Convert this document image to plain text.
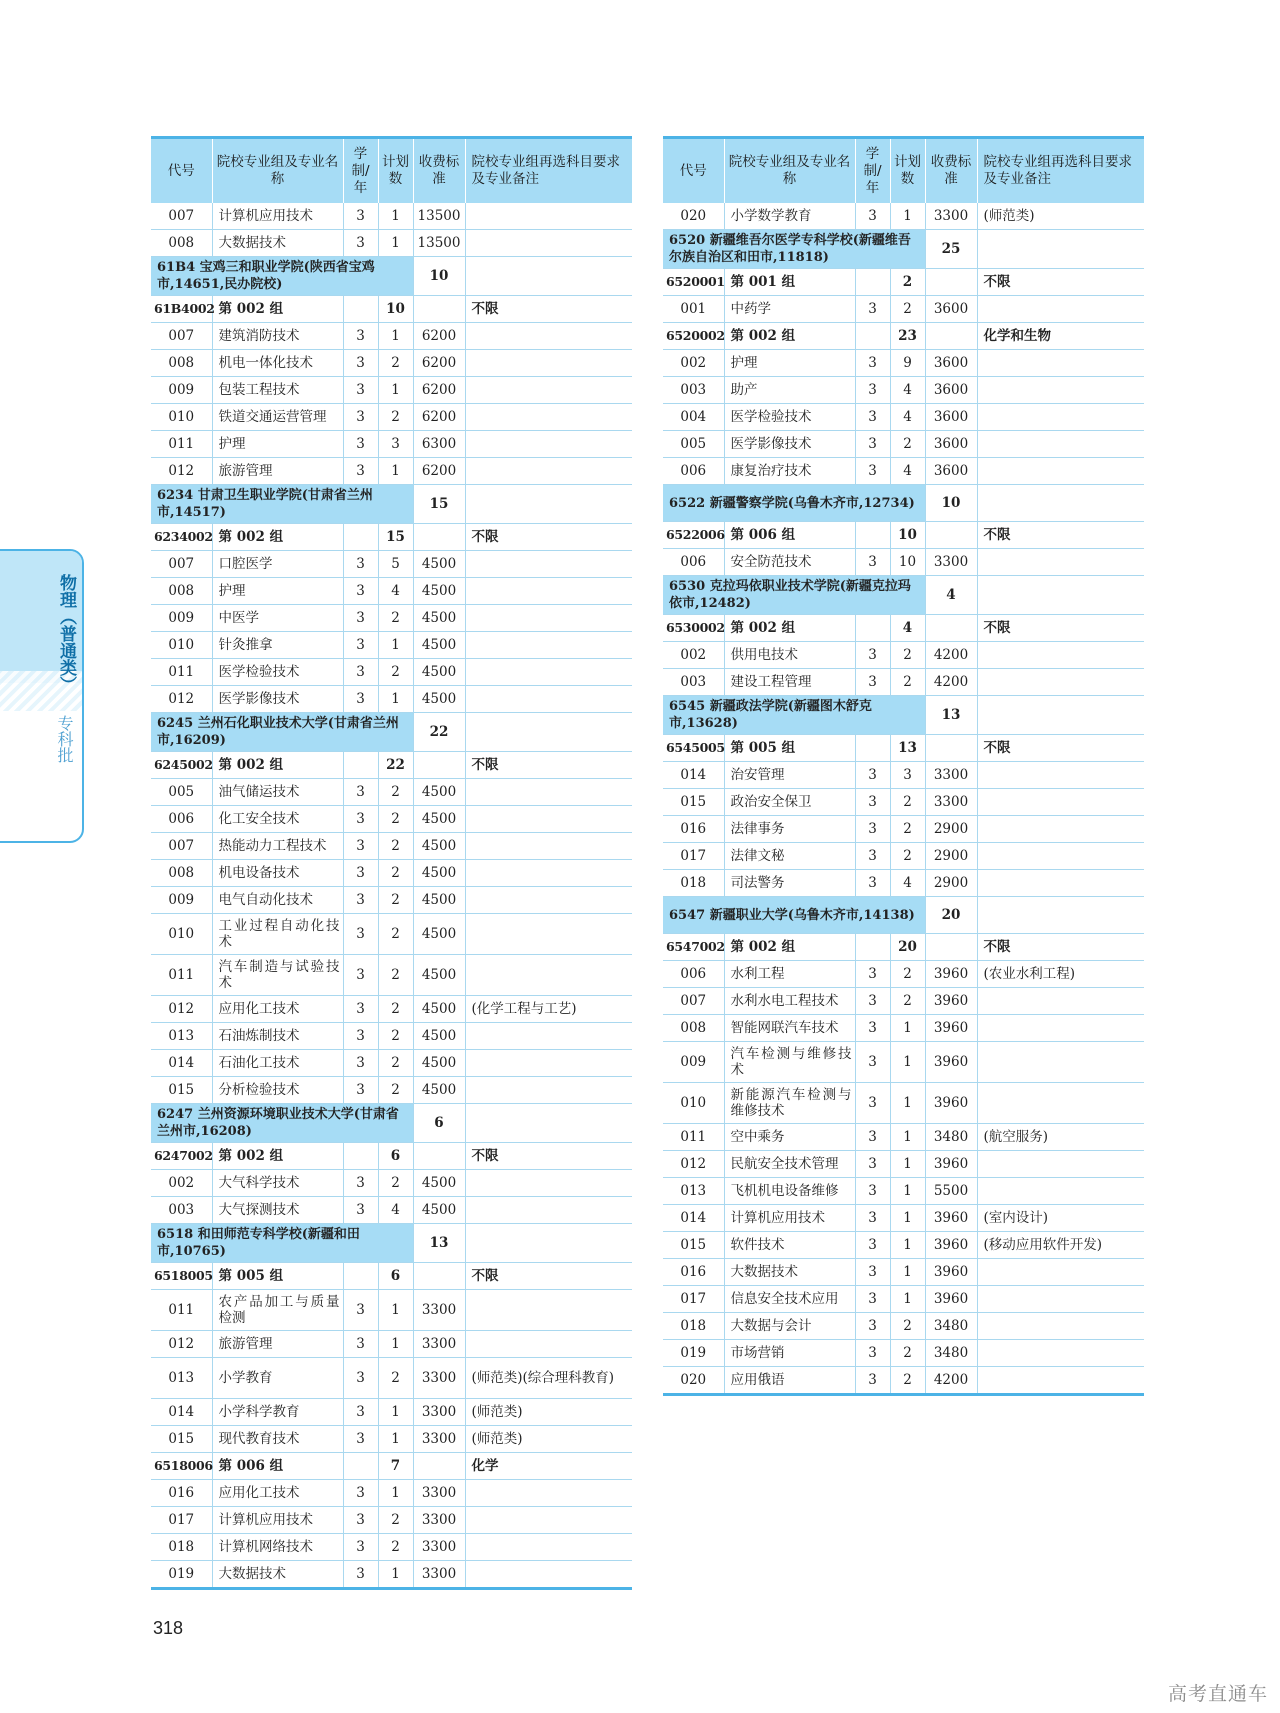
物理（普通类）
专科批
代号	院校专业组及专业名称	学制/年	计划数	收费标准	院校专业组再选科目要求及专业备注
007	计算机应用技术	3	1	13500	
008	大数据技术	3	1	13500	
61B4 宝鸡三和职业学院(陕西省宝鸡市,14651,民办院校)				10	
61B4002	第 002 组		10		不限
007	建筑消防技术	3	1	6200	
008	机电一体化技术	3	2	6200	
009	包装工程技术	3	1	6200	
010	铁道交通运营管理	3	2	6200	
011	护理	3	3	6300	
012	旅游管理	3	1	6200	
6234 甘肃卫生职业学院(甘肃省兰州市,14517)				15	
6234002	第 002 组		15		不限
007	口腔医学	3	5	4500	
008	护理	3	4	4500	
009	中医学	3	2	4500	
010	针灸推拿	3	1	4500	
011	医学检验技术	3	2	4500	
012	医学影像技术	3	1	4500	
6245 兰州石化职业技术大学(甘肃省兰州市,16209)				22	
6245002	第 002 组		22		不限
005	油气储运技术	3	2	4500	
006	化工安全技术	3	2	4500	
007	热能动力工程技术	3	2	4500	
008	机电设备技术	3	2	4500	
009	电气自动化技术	3	2	4500	
010	工业过程自动化技术	3	2	4500	
011	汽车制造与试验技术	3	2	4500	
012	应用化工技术	3	2	4500	(化学工程与工艺)
013	石油炼制技术	3	2	4500	
014	石油化工技术	3	2	4500	
015	分析检验技术	3	2	4500	
6247 兰州资源环境职业技术大学(甘肃省兰州市,16208)				6	
6247002	第 002 组		6		不限
002	大气科学技术	3	2	4500	
003	大气探测技术	3	4	4500	
6518 和田师范专科学校(新疆和田市,10765)				13	
6518005	第 005 组		6		不限
011	农产品加工与质量检测	3	1	3300	
012	旅游管理	3	1	3300	
013	小学教育	3	2	3300	(师范类)(综合理科教育)
014	小学科学教育	3	1	3300	(师范类)
015	现代教育技术	3	1	3300	(师范类)
6518006	第 006 组		7		化学
016	应用化工技术	3	1	3300	
017	计算机应用技术	3	2	3300	
018	计算机网络技术	3	2	3300	
019	大数据技术	3	1	3300	
代号	院校专业组及专业名称	学制/年	计划数	收费标准	院校专业组再选科目要求及专业备注
020	小学数学教育	3	1	3300	(师范类)
6520 新疆维吾尔医学专科学校(新疆维吾尔族自治区和田市,11818)				25	
6520001	第 001 组		2		不限
001	中药学	3	2	3600	
6520002	第 002 组		23		化学和生物
002	护理	3	9	3600	
003	助产	3	4	3600	
004	医学检验技术	3	4	3600	
005	医学影像技术	3	2	3600	
006	康复治疗技术	3	4	3600	
6522 新疆警察学院(乌鲁木齐市,12734)				10	
6522006	第 006 组		10		不限
006	安全防范技术	3	10	3300	
6530 克拉玛依职业技术学院(新疆克拉玛依市,12482)				4	
6530002	第 002 组		4		不限
002	供用电技术	3	2	4200	
003	建设工程管理	3	2	4200	
6545 新疆政法学院(新疆图木舒克市,13628)				13	
6545005	第 005 组		13		不限
014	治安管理	3	3	3300	
015	政治安全保卫	3	2	3300	
016	法律事务	3	2	2900	
017	法律文秘	3	2	2900	
018	司法警务	3	4	2900	
6547 新疆职业大学(乌鲁木齐市,14138)				20	
6547002	第 002 组		20		不限
006	水利工程	3	2	3960	(农业水利工程)
007	水利水电工程技术	3	2	3960	
008	智能网联汽车技术	3	1	3960	
009	汽车检测与维修技术	3	1	3960	
010	新能源汽车检测与维修技术	3	1	3960	
011	空中乘务	3	1	3480	(航空服务)
012	民航安全技术管理	3	1	3960	
013	飞机机电设备维修	3	1	5500	
014	计算机应用技术	3	1	3960	(室内设计)
015	软件技术	3	1	3960	(移动应用软件开发)
016	大数据技术	3	1	3960	
017	信息安全技术应用	3	1	3960	
018	大数据与会计	3	2	3480	
019	市场营销	3	2	3480	
020	应用俄语	3	2	4200	
318
高考直通车
